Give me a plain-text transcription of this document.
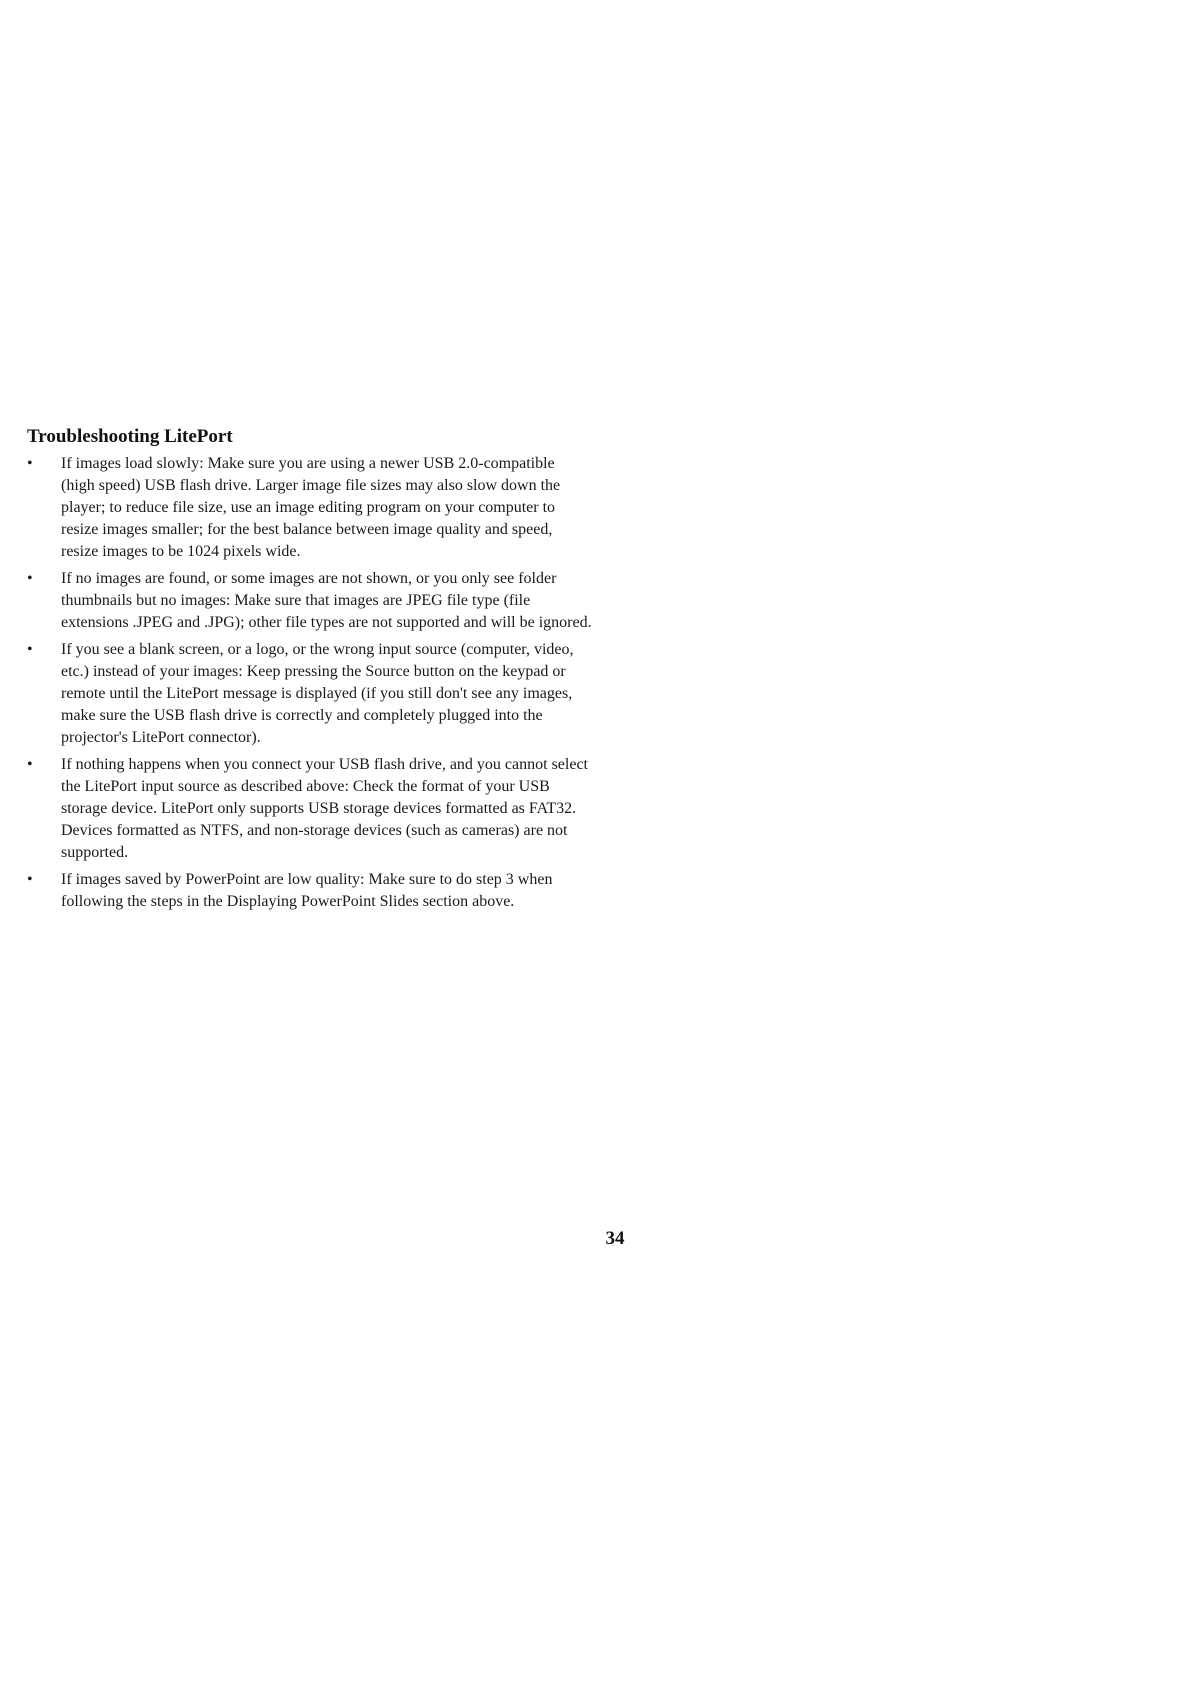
Troubleshooting LitePort
•	If images load slowly: Make sure you are using a newer USB 2.0-compatible (high speed) USB flash drive. Larger image file sizes may also slow down the player; to reduce file size, use an image editing program on your computer to resize images smaller; for the best balance between image quality and speed, resize images to be 1024 pixels wide.
•	If no images are found, or some images are not shown, or you only see folder thumbnails but no images: Make sure that images are JPEG file type (file extensions .JPEG and .JPG); other file types are not supported and will be ignored.
•	If you see a blank screen, or a logo, or the wrong input source (computer, video, etc.) instead of your images: Keep pressing the Source button on the keypad or remote until the LitePort message is displayed (if you still don't see any images, make sure the USB flash drive is correctly and completely plugged into the projector's LitePort connector).
•	If nothing happens when you connect your USB flash drive, and you cannot select the LitePort input source as described above: Check the format of your USB storage device. LitePort only supports USB storage devices formatted as FAT32. Devices formatted as NTFS, and non-storage devices (such as cameras) are not supported.
•	If images saved by PowerPoint are low quality: Make sure to do step 3 when following the steps in the Displaying PowerPoint Slides section above.
34
